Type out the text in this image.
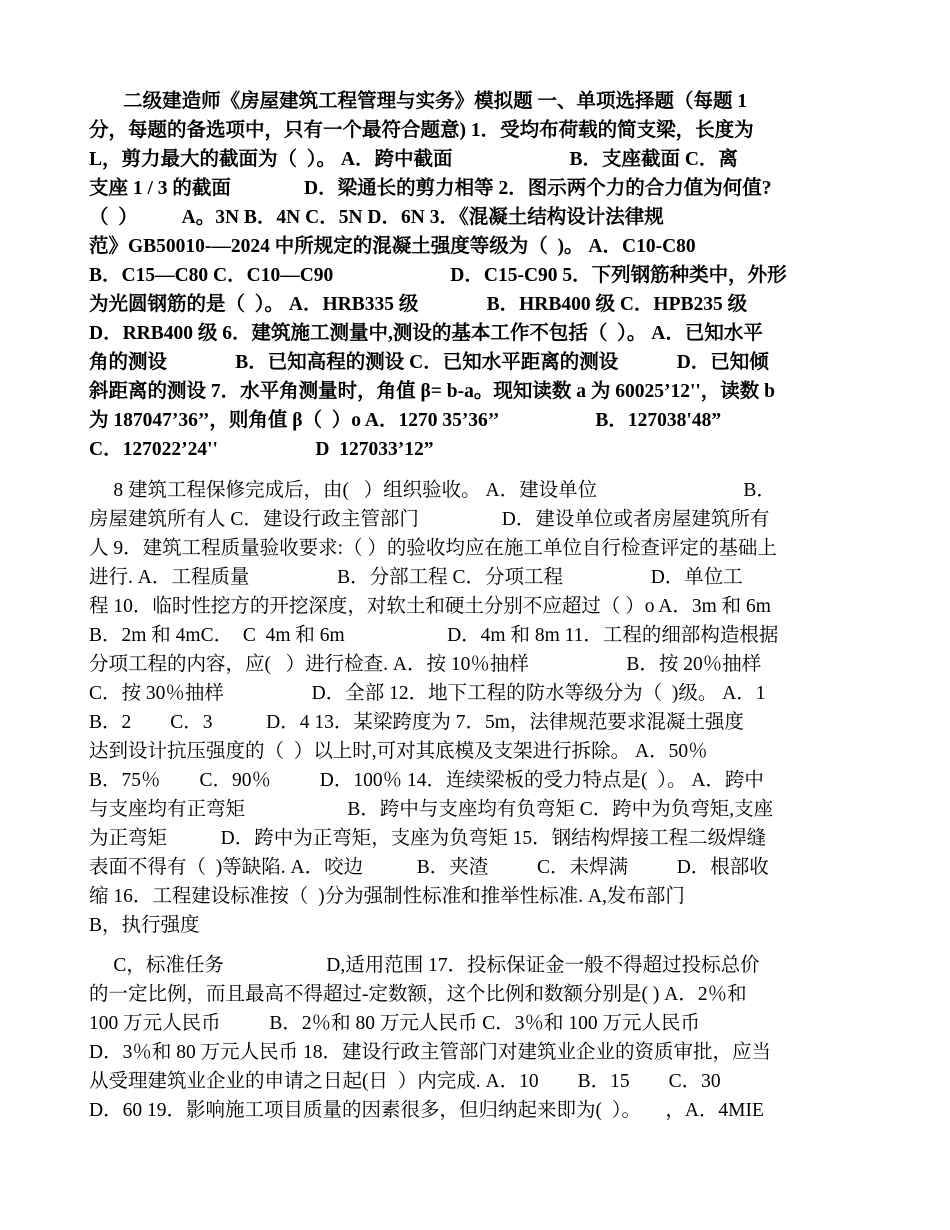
二级建造师《房屋建筑工程管理与实务》模拟题 一、单项选择题（每题 1
分，每题的备选项中，只有一个最符合题意) 1．受均布荷载的简支梁，长度为
L，剪力最大的截面为（  ）。 A．跨中截面                        B．支座截面 C．离
支座 1 / 3 的截面               D．梁通长的剪力相等 2．图示两个力的合力值为何值?
（  ）         A。3N B．4N C．5N D．6N 3．《混凝土结构设计法律规
范》GB50010-—2024 中所规定的混凝土强度等级为（  )。 A．C10-C80
B．C15—C80 C．C10—C90                        D．C15-C90 5．下列钢筋种类中，外形
为光圆钢筋的是（  ）。 A．HRB335 级              B．HRB400 级 C．HPB235 级
D．RRB400 级 6．建筑施工测量中,测设的基本工作不包括（  ）。 A．已知水平
角的测设              B．已知高程的测设 C．已知水平距离的测设            D．已知倾
斜距离的测设 7．水平角测量时，角值 β= b-a。现知读数 a 为 60025’12''，读数 b
为 187047’36’’，则角值 β（  ）o A．1270 35’36’’                    B．127038'48”
C．127022’24''                    D  127033’12”
8 建筑工程保修完成后，由(   ）组织验收。 A．建设单位                              B．
房屋建筑所有人 C．建设行政主管部门                 D．建设单位或者房屋建筑所有
人 9．建筑工程质量验收要求:（ ）的验收均应在施工单位自行检查评定的基础上
进行. A．工程质量                  B．分部工程 C．分项工程                  D．单位工
程 10．临时性挖方的开挖深度，对软土和硬土分别不应超过（ ）o A．3m 和 6m
B．2m 和 4mC．  C  4m 和 6m                     D．4m 和 8m 11．工程的细部构造根据
分项工程的内容，应(   ）进行检查. A．按 10％抽样                    B．按 20％抽样
C．按 30％抽样                  D．全部 12．地下工程的防水等级分为（  )级。 A．1
B．2        C．3           D．4 13．某梁跨度为 7．5m，法律规范要求混凝土强度
达到设计抗压强度的（  ）以上时,可对其底模及支架进行拆除。 A．50％
B．75％        C．90％          D．100％ 14．连续梁板的受力特点是(  ）。 A．跨中
与支座均有正弯矩                     B．跨中与支座均有负弯矩 C．跨中为负弯矩,支座
为正弯矩           D．跨中为正弯矩，支座为负弯矩 15．钢结构焊接工程二级焊缝
表面不得有（  )等缺陷. A．咬边           B．夹渣          C．未焊满          D．根部收
缩 16．工程建设标准按（  )分为强制性标准和推举性标准. A,发布部门
B，执行强度
C，标准任务                     D,适用范围 17．投标保证金一般不得超过投标总价
的一定比例，而且最高不得超过-定数额，这个比例和数额分别是( ) A．2％和
100 万元人民币          B．2％和 80 万元人民币 C．3％和 100 万元人民币
D．3％和 80 万元人民币 18．建设行政主管部门对建筑业企业的资质审批，应当
从受理建筑业企业的申请之日起(日  ）内完成. A．10        B．15        C．30
D．60 19．影响施工项目质量的因素很多，但归纳起来即为(  ）。     ，A．4MIE
